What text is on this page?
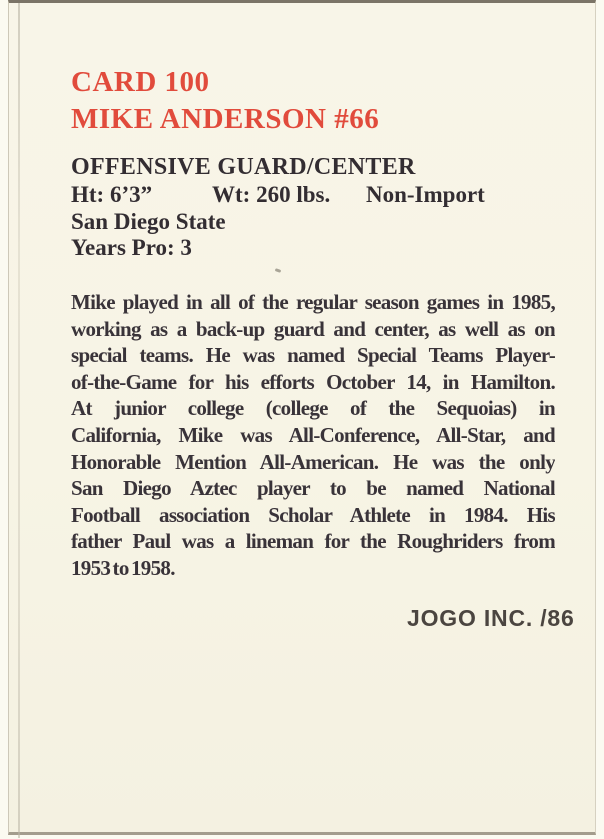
CARD 100
MIKE ANDERSON #66
OFFENSIVE GUARD/CENTER
Ht: 6’3”	Wt: 260 lbs. Non-Import
San Diego State
Years Pro: 3
Mike played in all of the regular season games in 1985,
working as a back-up guard and center, as well as on
special teams. He was named Special Teams Player-
of-the-Game for his efforts October 14, in Hamilton.
At junior college (college of the Sequoias) in
California, Mike was All-Conference, All-Star, and
Honorable Mention All-American. He was the only
San Diego Aztec player to be named National
Football association Scholar Athlete in 1984. His
father Paul was a lineman for the Roughriders from
1953 to 1958.
JOGO INC. /86
